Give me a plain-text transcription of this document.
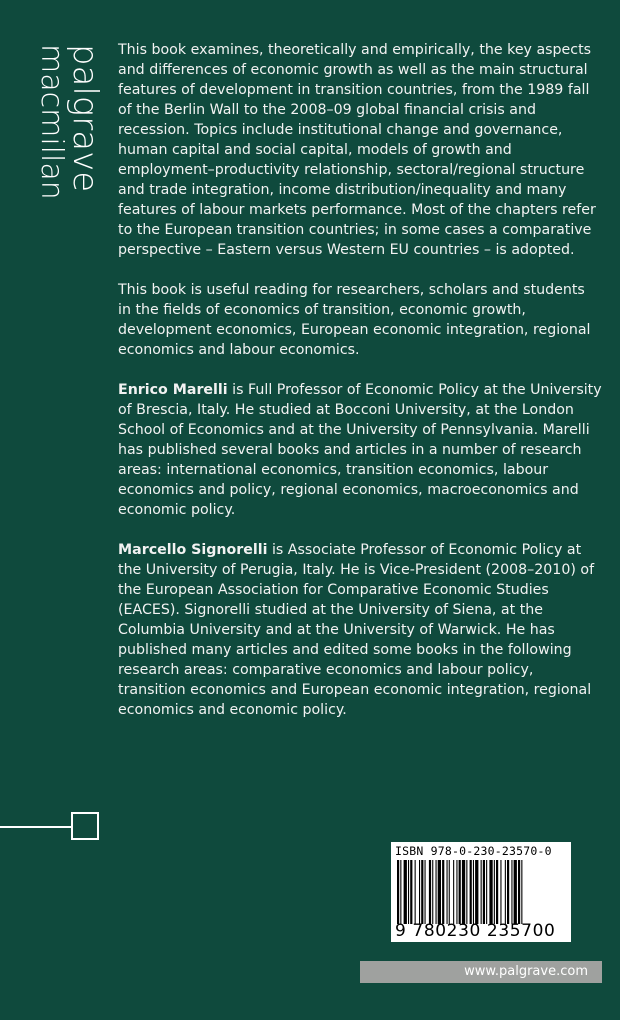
palgrave
macmillan	This book examines, theoretically and empirically, the key aspects and differences of economic growth as well as the main structural features of development in transition countries, from the 1989 fall of the Berlin Wall to the 2008–09 global financial crisis and recession. Topics include institutional change and governance, human capital and social capital, models of growth and employment–productivity relationship, sectoral/regional structure and trade integration, income distribution/inequality and many features of labour markets performance. Most of the chapters refer to the European transition countries; in some cases a comparative perspective – Eastern versus Western EU countries – is adopted.

This book is useful reading for researchers, scholars and students in the fields of economics of transition, economic growth, development economics, European economic integration, regional economics and labour economics.

Enrico Marelli is Full Professor of Economic Policy at the University of Brescia, Italy. He studied at Bocconi University, at the London School of Economics and at the University of Pennsylvania. Marelli has published several books and articles in a number of research areas: international economics, transition economics, labour economics and policy, regional economics, macroeconomics and economic policy.

Marcello Signorelli is Associate Professor of Economic Policy at the University of Perugia, Italy. He is Vice-President (2008–2010) of the European Association for Comparative Economic Studies (EACES). Signorelli studied at the University of Siena, at the Columbia University and at the University of Warwick. He has published many articles and edited some books in the following research areas: comparative economics and labour policy, transition economics and European economic integration, regional economics and economic policy.

ISBN 978-0-230-23570-0
9 780230 235700
www.palgrave.com
